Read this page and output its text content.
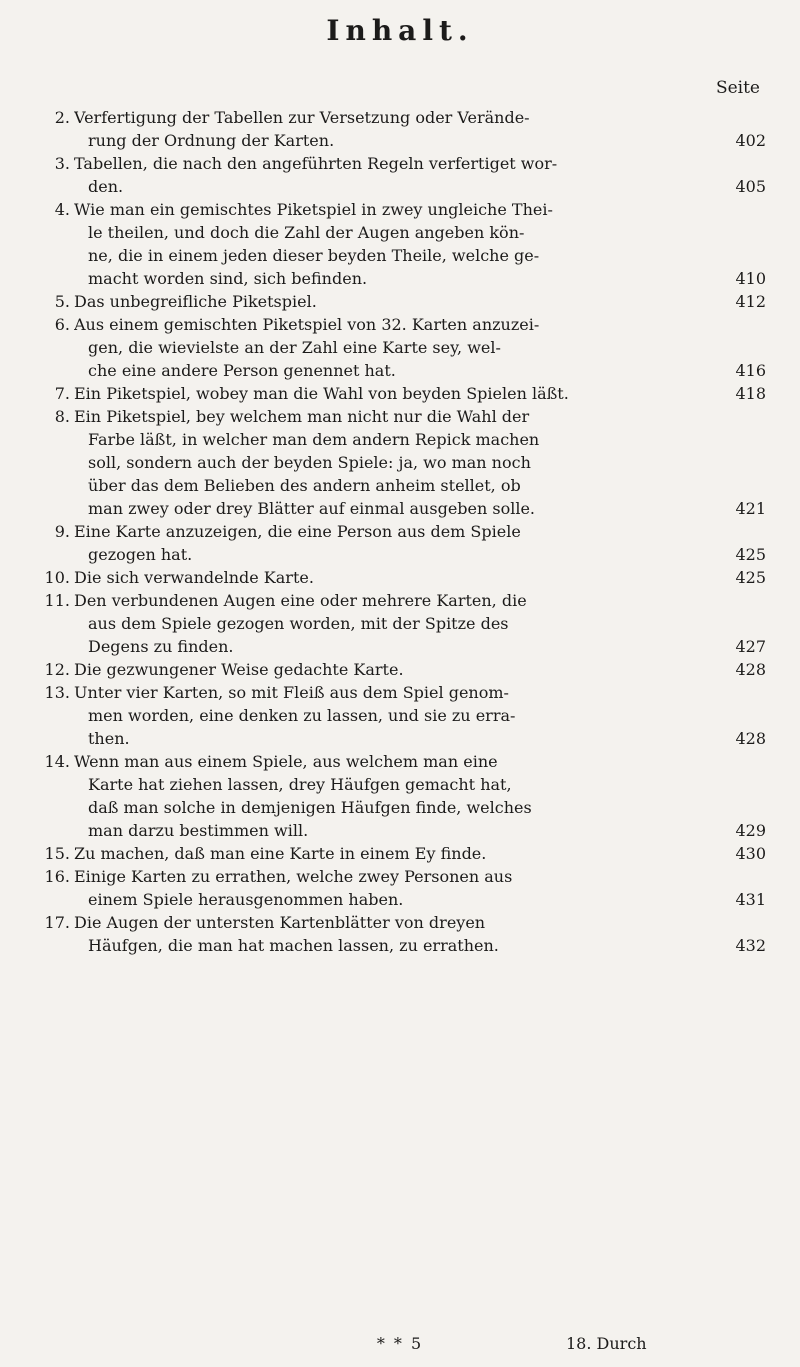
Inhalt.
Seite
2. Verfertigung der Tabellen zur Versetzung oder Verände-
rung der Ordnung der Karten.	402
3. Tabellen, die nach den angeführten Regeln verfertiget wor-
den.	405
4. Wie man ein gemischtes Piketspiel in zwey ungleiche Thei-
le theilen, und doch die Zahl der Augen angeben kön-
ne, die in einem jeden dieser beyden Theile, welche ge-
macht worden sind, sich befinden.	410
5. Das unbegreifliche Piketspiel.	412
6. Aus einem gemischten Piketspiel von 32. Karten anzuzei-
gen, die wievielste an der Zahl eine Karte sey, wel-
che eine andere Person genennet hat.	416
7. Ein Piketspiel, wobey man die Wahl von beyden Spielen läßt.	418
8. Ein Piketspiel, bey welchem man nicht nur die Wahl der
Farbe läßt, in welcher man dem andern Repick machen
soll, sondern auch der beyden Spiele: ja, wo man noch
über das dem Belieben des andern anheim stellet, ob
man zwey oder drey Blätter auf einmal ausgeben solle.	421
9. Eine Karte anzuzeigen, die eine Person aus dem Spiele
gezogen hat.	425
10. Die sich verwandelnde Karte.	425
11. Den verbundenen Augen eine oder mehrere Karten, die
aus dem Spiele gezogen worden, mit der Spitze des
Degens zu finden.	427
12. Die gezwungener Weise gedachte Karte.	428
13. Unter vier Karten, so mit Fleiß aus dem Spiel genom-
men worden, eine denken zu lassen, und sie zu erra-
then.	428
14. Wenn man aus einem Spiele, aus welchem man eine
Karte hat ziehen lassen, drey Häufgen gemacht hat,
daß man solche in demjenigen Häufgen finde, welches
man darzu bestimmen will.	429
15. Zu machen, daß man eine Karte in einem Ey finde.	430
16. Einige Karten zu errathen, welche zwey Personen aus
einem Spiele herausgenommen haben.	431
17. Die Augen der untersten Kartenblätter von dreyen
Häufgen, die man hat machen lassen, zu errathen.	432
* * 5	18. Durch
